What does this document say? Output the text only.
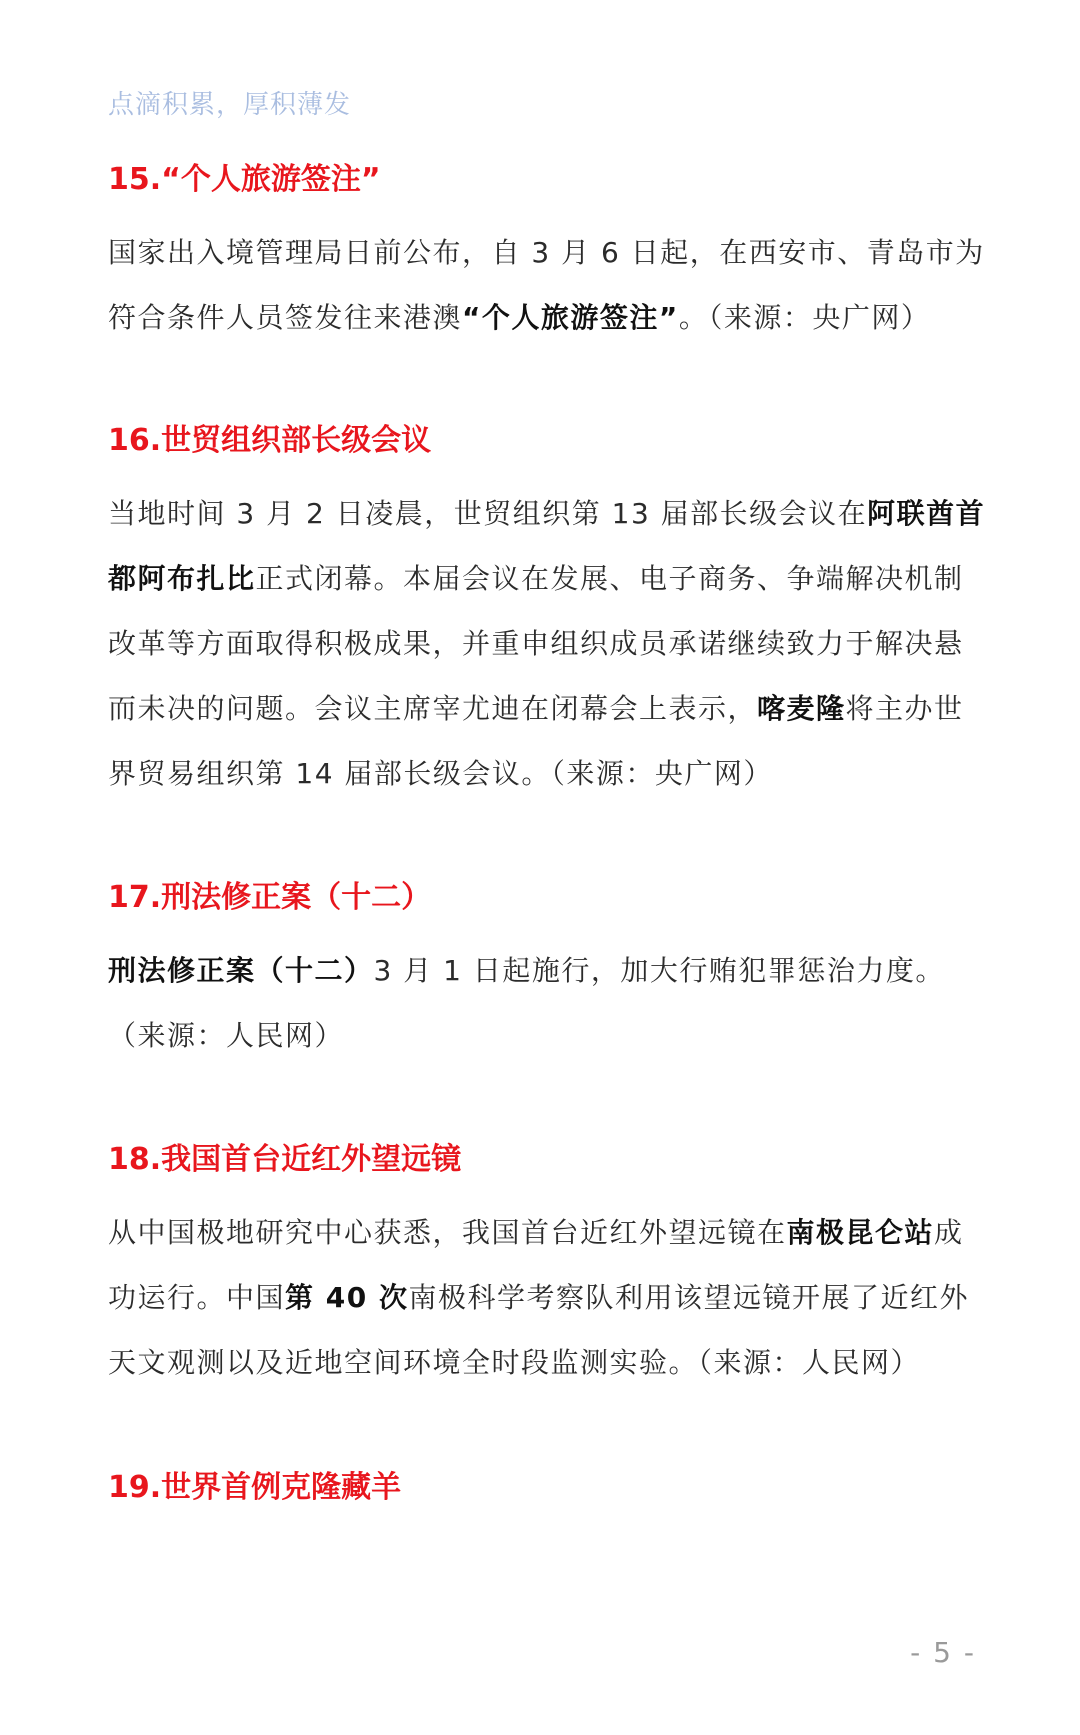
点滴积累，厚积薄发
15.“个人旅游签注”
国家出入境管理局日前公布，自 3 月 6 日起，在西安市、青岛市为符合条件人员签发往来港澳“个人旅游签注”。（来源：央广网）
16.世贸组织部长级会议
当地时间 3 月 2 日凌晨，世贸组织第 13 届部长级会议在阿联酋首都阿布扎比正式闭幕。本届会议在发展、电子商务、争端解决机制改革等方面取得积极成果，并重申组织成员承诺继续致力于解决悬而未决的问题。会议主席宰尤迪在闭幕会上表示，喀麦隆将主办世界贸易组织第 14 届部长级会议。（来源：央广网）
17.刑法修正案（十二）
刑法修正案（十二）3 月 1 日起施行，加大行贿犯罪惩治力度。（来源：人民网）
18.我国首台近红外望远镜
从中国极地研究中心获悉，我国首台近红外望远镜在南极昆仑站成功运行。中国第 40 次南极科学考察队利用该望远镜开展了近红外天文观测以及近地空间环境全时段监测实验。（来源：人民网）
19.世界首例克隆藏羊
- 5 -
